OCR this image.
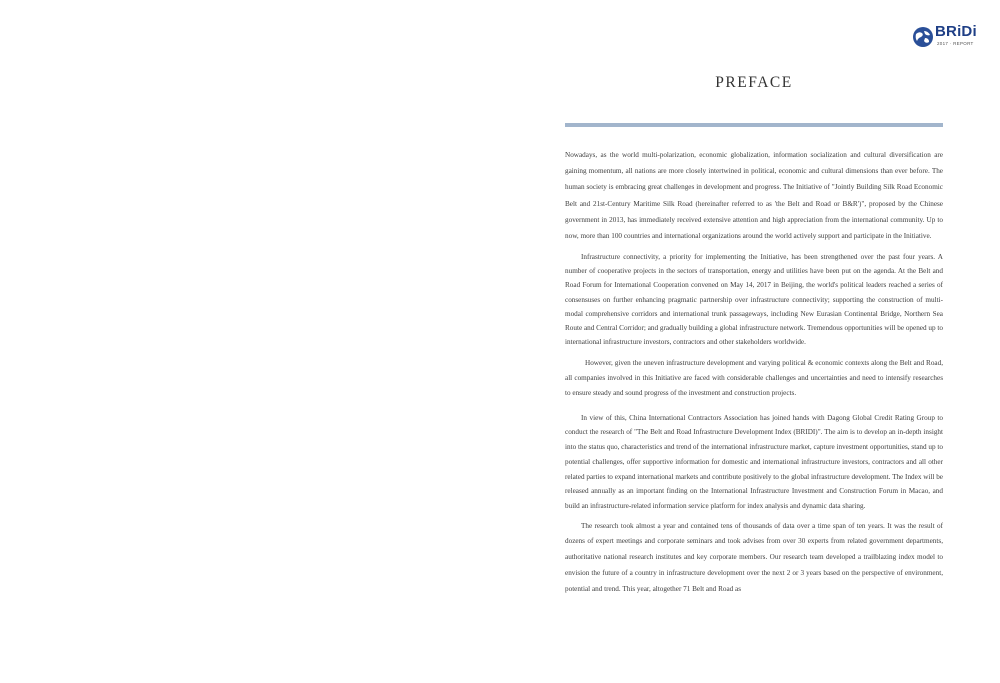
BRiDi
2017 · REPORT
PREFACE

Nowadays, as the world multi-polarization, economic globalization, information socialization and cultural diversification are gaining momentum, all nations are more closely intertwined in political, economic and cultural dimensions than ever before. The human society is embracing great challenges in development and progress. The Initiative of "Jointly Building Silk Road Economic Belt and 21st-Century Maritime Silk Road (hereinafter referred to as 'the Belt and Road or B&R')", proposed by the Chinese government in 2013, has immediately received extensive attention and high appreciation from the international community. Up to now, more than 100 countries and international organizations around the world actively support and participate in the Initiative.

Infrastructure connectivity, a priority for implementing the Initiative, has been strengthened over the past four years. A number of cooperative projects in the sectors of transportation, energy and utilities have been put on the agenda. At the Belt and Road Forum for International Cooperation convened on May 14, 2017 in Beijing, the world's political leaders reached a series of consensuses on further enhancing pragmatic partnership over infrastructure connectivity; supporting the construction of multi-modal comprehensive corridors and international trunk passageways, including New Eurasian Continental Bridge, Northern Sea Route and Central Corridor; and gradually building a global infrastructure network. Tremendous opportunities will be opened up to international infrastructure investors, contractors and other stakeholders worldwide.

However, given the uneven infrastructure development and varying political & economic contexts along the Belt and Road, all companies involved in this Initiative are faced with considerable challenges and uncertainties and need to intensify researches to ensure steady and sound progress of the investment and construction projects.

In view of this, China International Contractors Association has joined hands with Dagong Global Credit Rating Group to conduct the research of "The Belt and Road Infrastructure Development Index (BRIDI)". The aim is to develop an in-depth insight into the status quo, characteristics and trend of the international infrastructure market, capture investment opportunities, stand up to potential challenges, offer supportive information for domestic and international infrastructure investors, contractors and all other related parties to expand international markets and contribute positively to the global infrastructure development. The Index will be released annually as an important finding on the International Infrastructure Investment and Construction Forum in Macao, and build an infrastructure-related information service platform for index analysis and dynamic data sharing.

The research took almost a year and contained tens of thousands of data over a time span of ten years. It was the result of dozens of expert meetings and corporate seminars and took advises from over 30 experts from related government departments, authoritative national research institutes and key corporate members. Our research team developed a trailblazing index model to envision the future of a country in infrastructure development over the next 2 or 3 years based on the perspective of environment, potential and trend. This year, altogether 71 Belt and Road as
